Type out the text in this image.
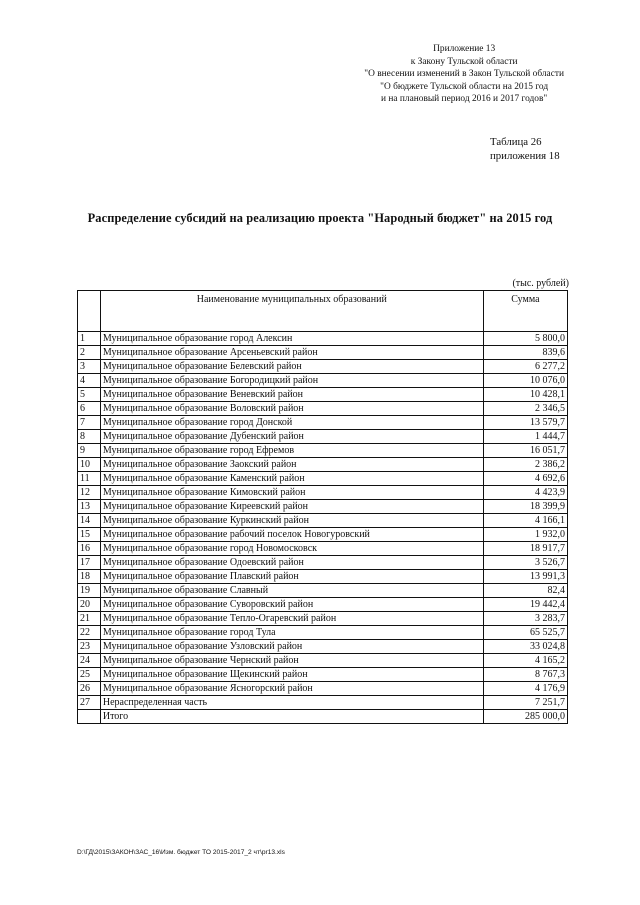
Приложение 13
к Закону Тульской области
"О внесении изменений в Закон Тульской области
"О бюджете Тульской области на 2015 год
и на плановый период 2016 и 2017 годов"
Таблица 26
приложения 18
Распределение субсидий на реализацию проекта "Народный бюджет" на 2015 год
(тыс. рублей)
	Наименование муниципальных образований	Сумма
1	Муниципальное образование город Алексин	5 800,0
2	Муниципальное образование Арсеньевский район	839,6
3	Муниципальное образование Белевский район	6 277,2
4	Муниципальное образование Богородицкий район	10 076,0
5	Муниципальное образование Веневский район	10 428,1
6	Муниципальное образование Воловский район	2 346,5
7	Муниципальное образование город Донской	13 579,7
8	Муниципальное образование Дубенский район	1 444,7
9	Муниципальное образование город Ефремов	16 051,7
10	Муниципальное образование Заокский район	2 386,2
11	Муниципальное образование Каменский район	4 692,6
12	Муниципальное образование Кимовский район	4 423,9
13	Муниципальное образование Киреевский район	18 399,9
14	Муниципальное образование Куркинский район	4 166,1
15	Муниципальное образование рабочий поселок Новогуровский	1 932,0
16	Муниципальное образование город Новомосковск	18 917,7
17	Муниципальное образование Одоевский район	3 526,7
18	Муниципальное образование Плавский район	13 991,3
19	Муниципальное образование Славный	82,4
20	Муниципальное образование Суворовский район	19 442,4
21	Муниципальное образование Тепло-Огаревский район	3 283,7
22	Муниципальное образование город Тула	65 525,7
23	Муниципальное образование Узловский район	33 024,8
24	Муниципальное образование Чернский район	4 165,2
25	Муниципальное образование Щекинский район	8 767,3
26	Муниципальное образование Ясногорский район	4 176,9
27	Нераспределенная часть	7 251,7
	Итого	285 000,0
D:\ГД\2015\ЗАКОН\ЗАС_16\Изм. бюджет ТО 2015-2017_2 чт\pr13.xls
